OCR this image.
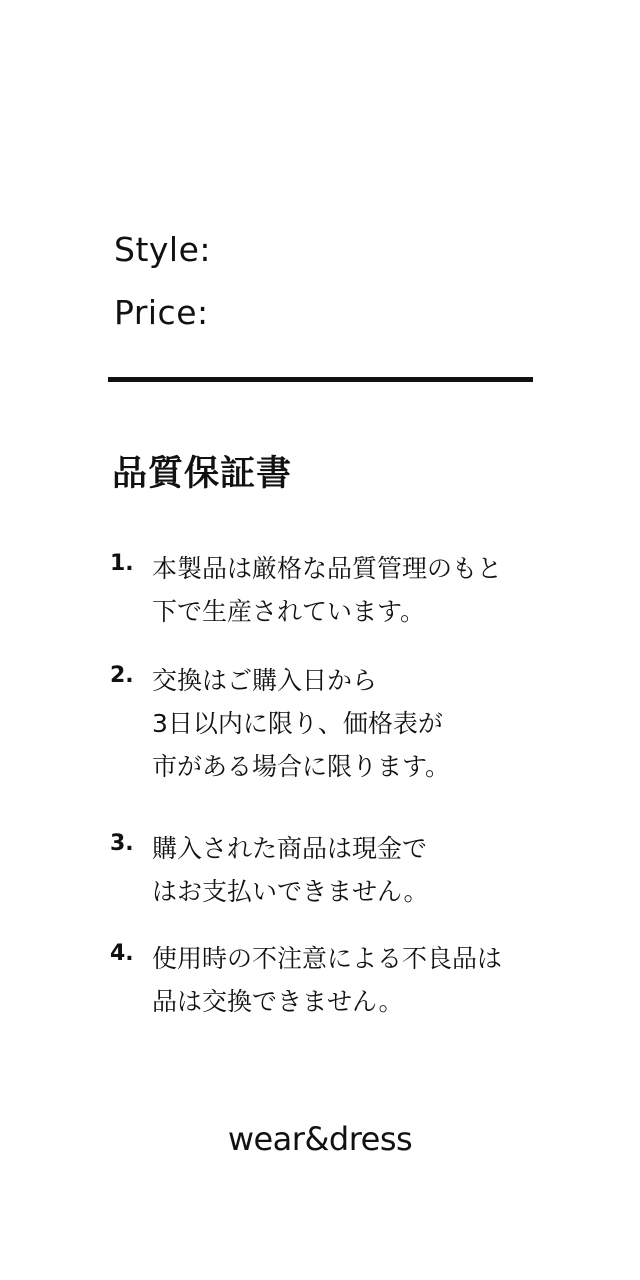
Style:
Price:
品質保証書
1. 本製品は厳格な品質管理のもと
下で生産されています。
2. 交換はご購入日から
3日以内に限り、価格表が
市がある場合に限ります。
3. 購入された商品は現金で
はお支払いできません。
4. 使用時の不注意による不良品は
品は交換できません。
wear&dress
